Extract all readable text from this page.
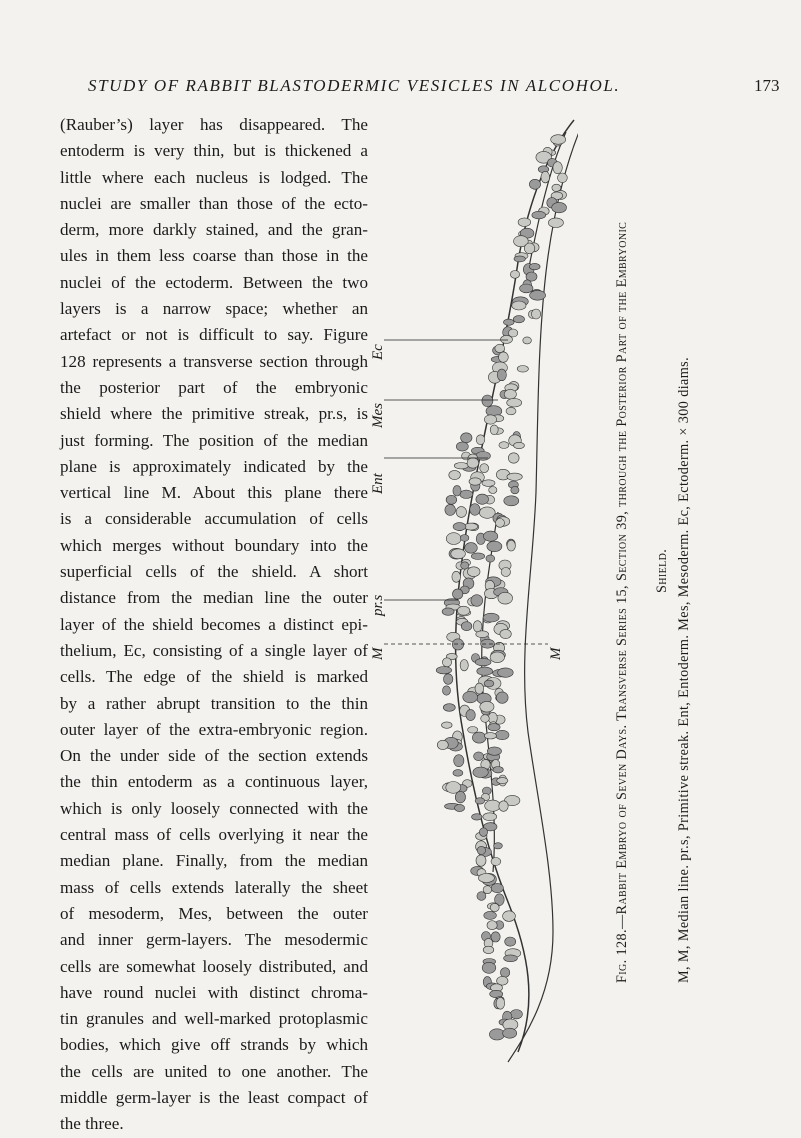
STUDY OF RABBIT BLASTODERMIC VESICLES IN ALCOHOL.	173
(Rauber’s) layer has disappeared. The
entoderm is very thin, but is thickened a
little where each nucleus is lodged. The
nuclei are smaller than those of the ecto-
derm, more darkly stained, and the gran-
ules in them less coarse than those in the
nuclei of the ectoderm. Between the two
layers is a narrow space; whether an
artefact or not is difficult to say. Figure
128 represents a transverse section through
the posterior part of the embryonic
shield where the primitive streak, pr.s, is
just forming. The position of the median
plane is approximately indicated by the
vertical line M. About this plane there
is a considerable accumulation of cells
which merges without boundary into the
superficial cells of the shield. A short
distance from the median line the outer
layer of the shield becomes a distinct epi-
thelium, Ec, consisting of a single layer of
cells. The edge of the shield is marked
by a rather abrupt transition to the thin
outer layer of the extra-embryonic region.
On the under side of the section extends
the thin entoderm as a continuous layer,
which is only loosely connected with the
central mass of cells overlying it near the
median plane. Finally, from the median
mass of cells extends laterally the sheet
of mesoderm, Mes, between the outer
and inner germ-layers. The mesodermic
cells are somewhat loosely distributed, and
have round nuclei with distinct chroma-
tin granules and well-marked protoplasmic
bodies, which give off strands by which
the cells are united to one another. The
middle germ-layer is the least compact of
the three.
Ec
Mes
Ent
pr.s
M	M	Fig. 128.—Rabbit Embryo of Seven Days. Transverse Series 15, Section 39, through the Posterior Part of the Embryonic Shield. M, M, Median line. pr.s, Primitive streak. Ent, Entoderm. Mes, Mesoderm. Ec, Ectoderm. × 300 diams.
